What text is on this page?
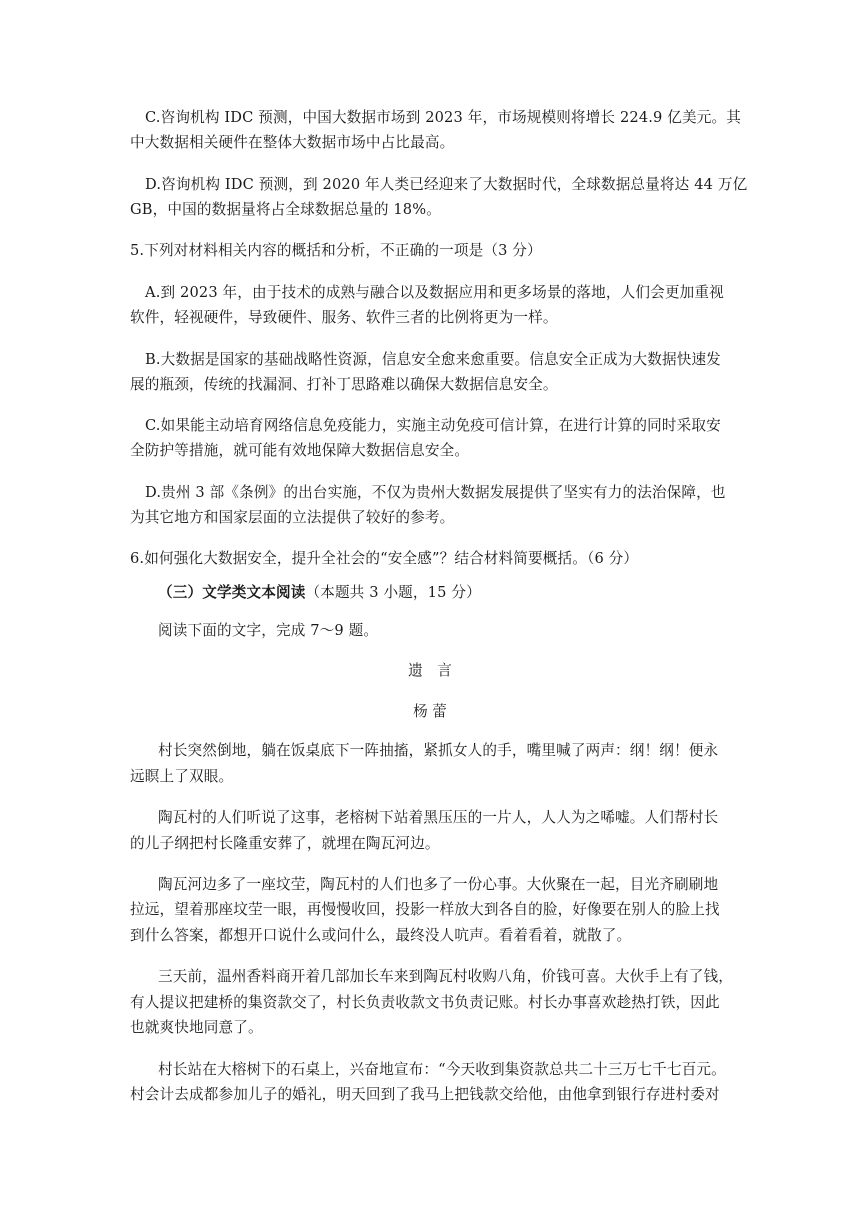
C.咨询机构 IDC 预测，中国大数据市场到 2023 年，市场规模则将增长 224.9 亿美元。其
中大数据相关硬件在整体大数据市场中占比最高。
D.咨询机构 IDC 预测，到 2020 年人类已经迎来了大数据时代，全球数据总量将达 44 万亿
GB，中国的数据量将占全球数据总量的 18%。
5.下列对材料相关内容的概括和分析，不正确的一项是（3 分）
A.到 2023 年，由于技术的成熟与融合以及数据应用和更多场景的落地，人们会更加重视
软件，轻视硬件，导致硬件、服务、软件三者的比例将更为一样。
B.大数据是国家的基础战略性资源，信息安全愈来愈重要。信息安全正成为大数据快速发
展的瓶颈，传统的找漏洞、打补丁思路难以确保大数据信息安全。
C.如果能主动培育网络信息免疫能力，实施主动免疫可信计算，在进行计算的同时采取安
全防护等措施，就可能有效地保障大数据信息安全。
D.贵州 3 部《条例》的出台实施，不仅为贵州大数据发展提供了坚实有力的法治保障，也
为其它地方和国家层面的立法提供了较好的参考。
6.如何强化大数据安全，提升全社会的“安全感”？结合材料简要概括。（6 分）
（三）文学类文本阅读（本题共 3 小题，15 分）
阅读下面的文字，完成 7～9 题。
遗　言
杨 蕾
村长突然倒地，躺在饭桌底下一阵抽搐，紧抓女人的手，嘴里喊了两声：纲！纲！便永
远瞑上了双眼。
陶瓦村的人们听说了这事，老榕树下站着黑压压的一片人，人人为之唏嘘。人们帮村长
的儿子纲把村长隆重安葬了，就埋在陶瓦河边。
陶瓦河边多了一座坟茔，陶瓦村的人们也多了一份心事。大伙聚在一起，目光齐刷刷地
拉远，望着那座坟茔一眼，再慢慢收回，投影一样放大到各自的脸，好像要在别人的脸上找
到什么答案，都想开口说什么或问什么，最终没人吭声。看着看着，就散了。
三天前，温州香料商开着几部加长车来到陶瓦村收购八角，价钱可喜。大伙手上有了钱，
有人提议把建桥的集资款交了，村长负责收款文书负责记账。村长办事喜欢趁热打铁，因此
也就爽快地同意了。
村长站在大榕树下的石桌上，兴奋地宣布：“今天收到集资款总共二十三万七千七百元。
村会计去成都参加儿子的婚礼，明天回到了我马上把钱款交给他，由他拿到银行存进村委对
